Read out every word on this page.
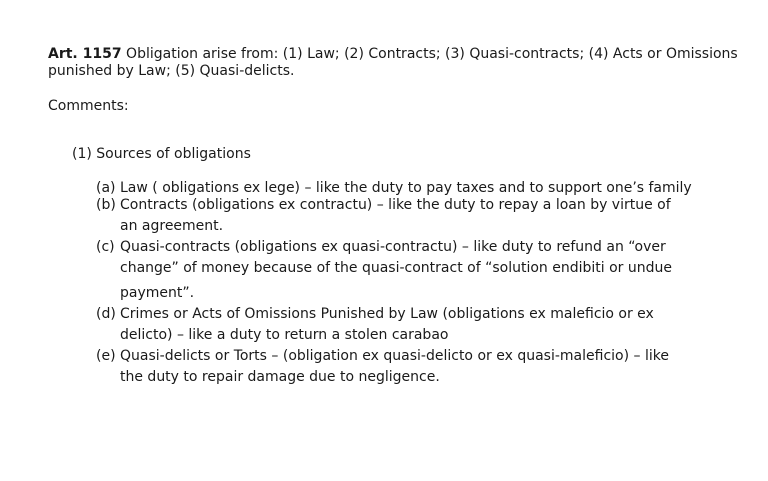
Art. 1157 Obligation arise from: (1) Law; (2) Contracts; (3) Quasi-contracts; (4) Acts or Omissions punished by Law; (5) Quasi-delicts.
Comments:
(1) Sources of obligations
(a) Law ( obligations ex lege) – like the duty to pay taxes and to support one’s family
(b) Contracts (obligations ex contractu) – like the duty to repay a loan by virtue of
an agreement.
(c) Quasi-contracts (obligations ex quasi-contractu) – like duty to refund an “over
change” of money because of the quasi-contract of “solution endibiti or undue payment”.
(d) Crimes or Acts of Omissions Punished by Law (obligations ex maleficio or ex
delicto) – like a duty to return a stolen carabao
(e) Quasi-delicts or Torts – (obligation ex quasi-delicto or ex quasi-maleficio) – like
the duty to repair damage due to negligence.
